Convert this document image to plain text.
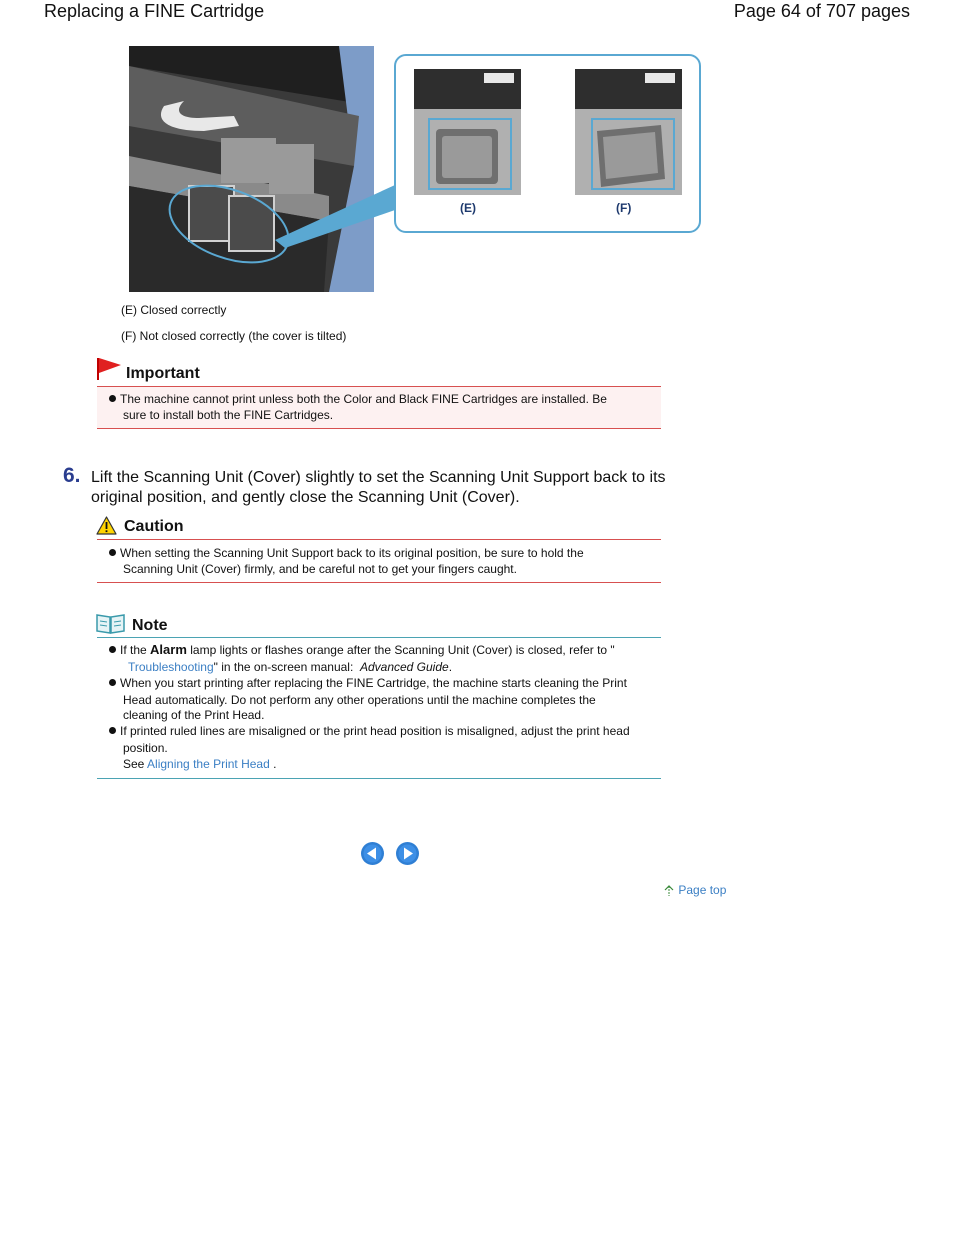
Replacing a FINE Cartridge	Page 64 of 707 pages
(E)	(F)
(E) Closed correctly
(F) Not closed correctly (the cover is tilted)
Important
The machine cannot print unless both the Color and Black FINE Cartridges are installed. Be
sure to install both the FINE Cartridges.
6. Lift the Scanning Unit (Cover) slightly to set the Scanning Unit Support back to its
original position, and gently close the Scanning Unit (Cover).
Caution
When setting the Scanning Unit Support back to its original position, be sure to hold the
Scanning Unit (Cover) firmly, and be careful not to get your fingers caught.
Note
If the Alarm lamp lights or flashes orange after the Scanning Unit (Cover) is closed, refer to "
Troubleshooting" in the on-screen manual: Advanced Guide.
When you start printing after replacing the FINE Cartridge, the machine starts cleaning the Print
Head automatically. Do not perform any other operations until the machine completes the
cleaning of the Print Head.
If printed ruled lines are misaligned or the print head position is misaligned, adjust the print head
position.
See Aligning the Print Head .
Page top
